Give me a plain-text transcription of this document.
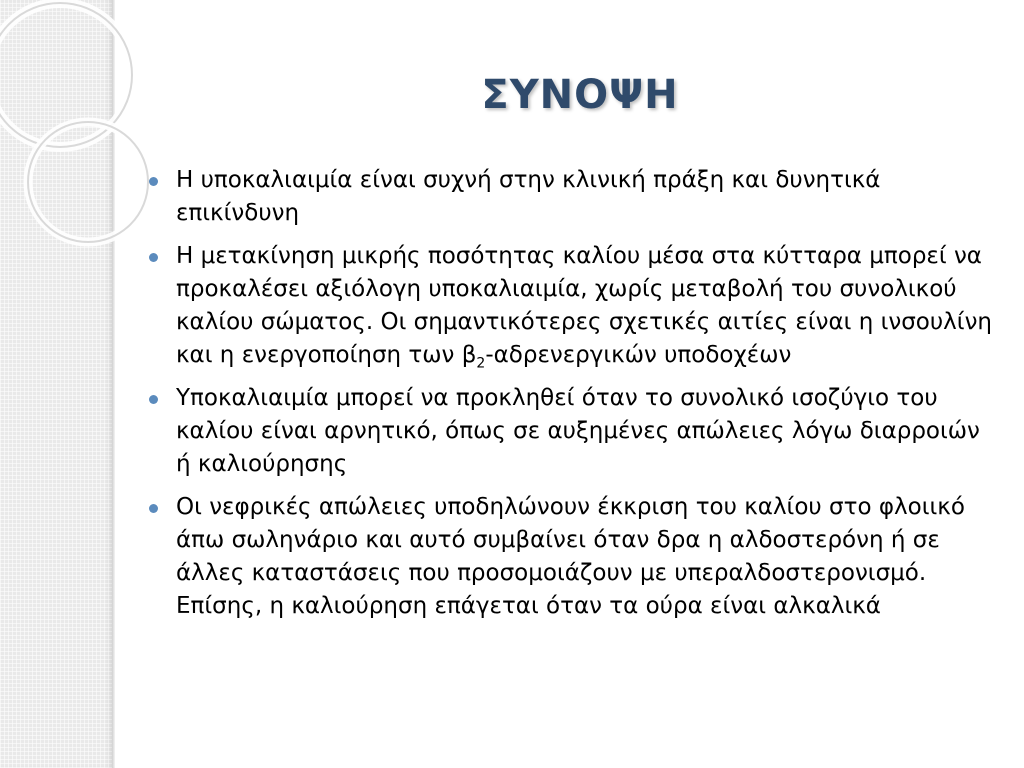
ΣΥΝΟΨΗ
Η υποκαλιαιμία είναι συχνή στην κλινική πράξη και δυνητικά επικίνδυνη
Η μετακίνηση μικρής ποσότητας καλίου μέσα στα κύτταρα μπορεί να προκαλέσει αξιόλογη υποκαλιαιμία, χωρίς μεταβολή του συνολικού καλίου σώματος. Οι σημαντικότερες σχετικές αιτίες είναι η ινσουλίνη και η ενεργοποίηση των $\beta_2$-αδρενεργικών υποδοχέων
Υποκαλιαιμία μπορεί να προκληθεί όταν το συνολικό ισοζύγιο του καλίου είναι αρνητικό, όπως σε αυξημένες απώλειες λόγω διαρροιών ή καλιούρησης
Οι νεφρικές απώλειες υποδηλώνουν έκκριση του καλίου στο φλοιικό άπω σωληνάριο και αυτό συμβαίνει όταν δρα η αλδοστερόνη ή σε άλλες καταστάσεις που προσομοιάζουν με υπεραλδοστερονισμό. Επίσης, η καλιούρηση επάγεται όταν τα ούρα είναι αλκαλικά
